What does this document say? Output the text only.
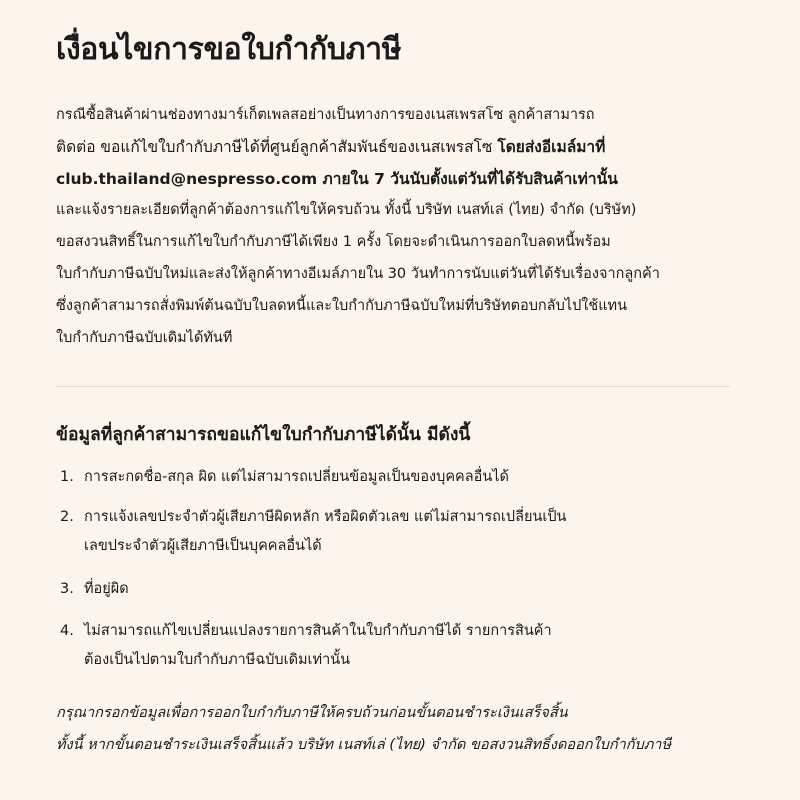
เงื่อนไขการขอใบกำกับภาษี
กรณีซื้อสินค้าผ่านช่องทางมาร์เก็ตเพลสอย่างเป็นทางการของเนสเพรสโซ ลูกค้าสามารถ
ติดต่อ ขอแก้ไขใบกำกับภาษีได้ที่ศูนย์ลูกค้าสัมพันธ์ของเนสเพรสโซ โดยส่งอีเมล์มาที่
club.thailand@nespresso.com ภายใน 7 วันนับตั้งแต่วันที่ได้รับสินค้าเท่านั้น
และแจ้งรายละเอียดที่ลูกค้าต้องการแก้ไขให้ครบถ้วน ทั้งนี้ บริษัท เนสท์เล่ (ไทย) จำกัด (บริษัท)
ขอสงวนสิทธิ์ในการแก้ไขใบกำกับภาษีได้เพียง 1 ครั้ง โดยจะดำเนินการออกใบลดหนี้พร้อม
ใบกำกับภาษีฉบับใหม่และส่งให้ลูกค้าทางอีเมล์ภายใน 30 วันทำการนับแต่วันที่ได้รับเรื่องจากลูกค้า
ซึ่งลูกค้าสามารถสั่งพิมพ์ต้นฉบับใบลดหนี้และใบกำกับภาษีฉบับใหม่ที่บริษัทตอบกลับไปใช้แทน
ใบกำกับภาษีฉบับเดิมได้ทันที
ข้อมูลที่ลูกค้าสามารถขอแก้ไขใบกำกับภาษีได้นั้น มีดังนี้
1. การสะกดชื่อ-สกุล ผิด แต่ไม่สามารถเปลี่ยนข้อมูลเป็นของบุคคลอื่นได้
2. การแจ้งเลขประจำตัวผู้เสียภาษีผิดหลัก หรือผิดตัวเลข แต่ไม่สามารถเปลี่ยนเป็น
เลขประจำตัวผู้เสียภาษีเป็นบุคคลอื่นได้
3. ที่อยู่ผิด
4. ไม่สามารถแก้ไขเปลี่ยนแปลงรายการสินค้าในใบกำกับภาษีได้ รายการสินค้า
ต้องเป็นไปตามใบกำกับภาษีฉบับเดิมเท่านั้น
กรุณากรอกข้อมูลเพื่อการออกใบกำกับภาษีให้ครบถ้วนก่อนขั้นตอนชำระเงินเสร็จสิ้น
ทั้งนี้ หากขั้นตอนชำระเงินเสร็จสิ้นแล้ว บริษัท เนสท์เล่ (ไทย) จำกัด ขอสงวนสิทธิ์งดออกใบกำกับภาษี
